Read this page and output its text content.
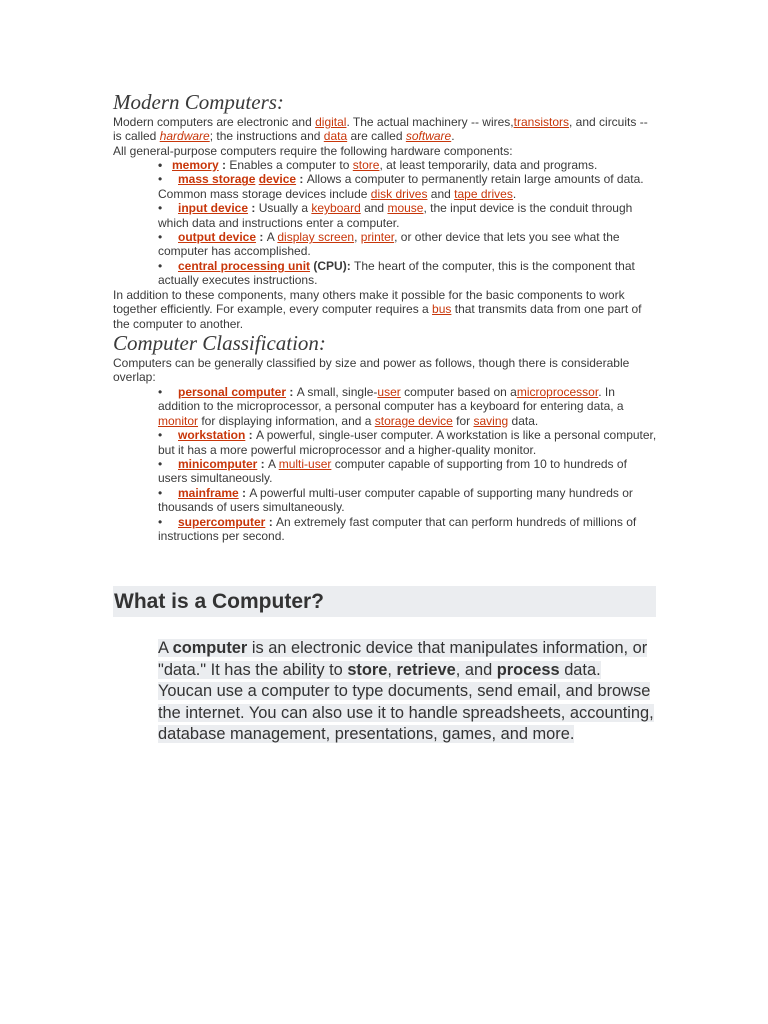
Modern Computers:

Modern computers are electronic and digital. The actual machinery -- wires,transistors, and circuits -- is called hardware; the instructions and data are called software.
All general-purpose computers require the following hardware components:

• memory : Enables a computer to store, at least temporarily, data and programs.
• mass storage device : Allows a computer to permanently retain large amounts of data. Common mass storage devices include disk drives and tape drives.
• input device : Usually a keyboard and mouse, the input device is the conduit through which data and instructions enter a computer.
• output device : A display screen, printer, or other device that lets you see what the computer has accomplished.
• central processing unit (CPU): The heart of the computer, this is the component that actually executes instructions.

In addition to these components, many others make it possible for the basic components to work together efficiently. For example, every computer requires a bus that transmits data from one part of the computer to another.

Computer Classification:

Computers can be generally classified by size and power as follows, though there is considerable overlap:

• personal computer : A small, single-user computer based on amicroprocessor. In addition to the microprocessor, a personal computer has a keyboard for entering data, a monitor for displaying information, and a storage device for saving data.
• workstation : A powerful, single-user computer. A workstation is like a personal computer, but it has a more powerful microprocessor and a higher-quality monitor.
• minicomputer : A multi-user computer capable of supporting from 10 to hundreds of users simultaneously.
• mainframe : A powerful multi-user computer capable of supporting many hundreds or thousands of users simultaneously.
• supercomputer : An extremely fast computer that can perform hundreds of millions of instructions per second.
What is a Computer?

A computer is an electronic device that manipulates information, or "data." It has the ability to store, retrieve, and process data. Youcan use a computer to type documents, send email, and browse the internet. You can also use it to handle spreadsheets, accounting, database management, presentations, games, and more.
